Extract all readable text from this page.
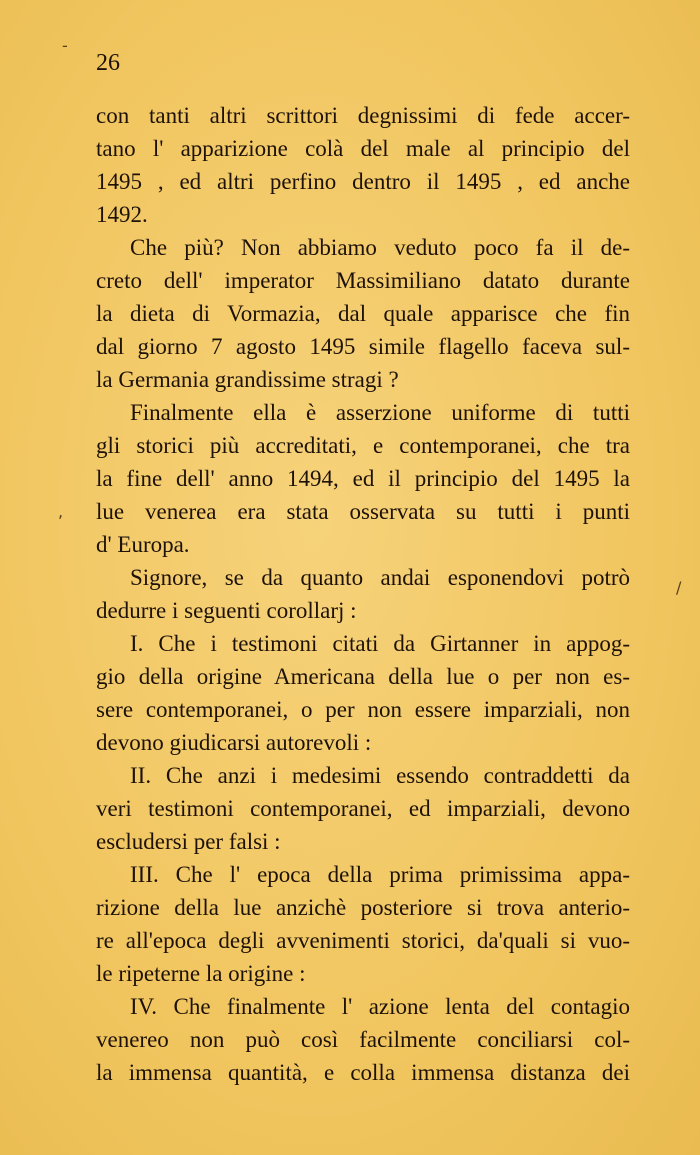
26
con tanti altri scrittori degnissimi di fede accer-
tano l' apparizione colà del male al principio del
1495 , ed altri perfino dentro il 1495 , ed anche
1492.
Che più? Non abbiamo veduto poco fa il de-
creto dell' imperator Massimiliano datato durante
la dieta di Vormazia, dal quale apparisce che fin
dal giorno 7 agosto 1495 simile flagello faceva sul-
la Germania grandissime stragi ?
Finalmente ella è asserzione uniforme di tutti
gli storici più accreditati, e contemporanei, che tra
la fine dell' anno 1494, ed il principio del 1495 la
lue venerea era stata osservata su tutti i punti
d' Europa.
Signore, se da quanto andai esponendovi potrò
dedurre i seguenti corollarj :
I. Che i testimoni citati da Girtanner in appog-
gio della origine Americana della lue o per non es-
sere contemporanei, o per non essere imparziali, non
devono giudicarsi autorevoli :
II. Che anzi i medesimi essendo contraddetti da
veri testimoni contemporanei, ed imparziali, devono
escludersi per falsi :
III. Che l' epoca della prima primissima appa-
rizione della lue anzichè posteriore si trova anterio-
re all'epoca degli avvenimenti storici, da'quali si vuo-
le ripeterne la origine :
IV. Che finalmente l' azione lenta del contagio
venereo non può così facilmente conciliarsi col-
la immensa quantità, e colla immensa distanza dei
-
/
,
